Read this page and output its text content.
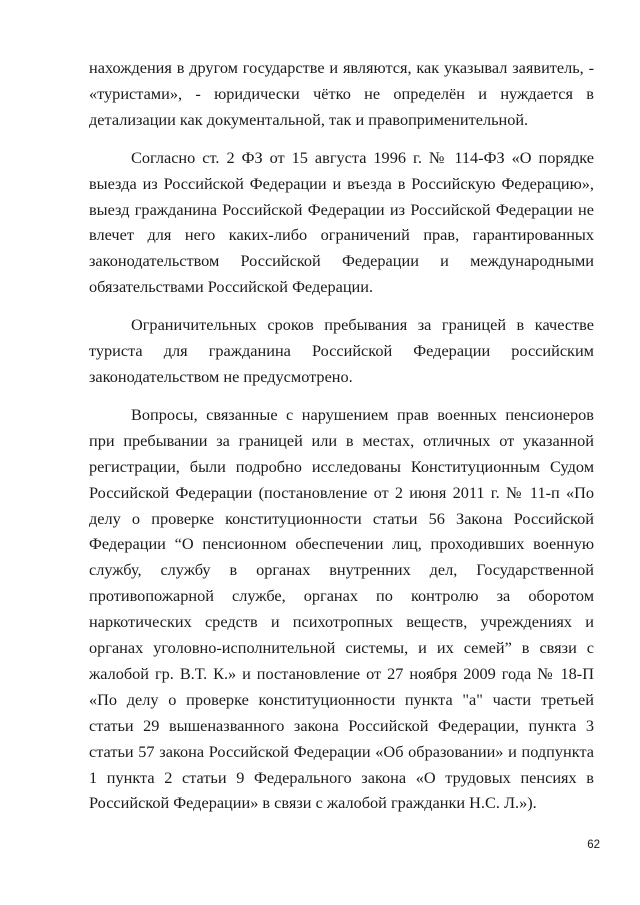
нахождения в другом государстве и являются, как указывал заявитель, - «туристами», - юридически чётко не определён и нуждается в детализации как документальной, так и правоприменительной.

Согласно ст. 2 ФЗ от 15 августа 1996 г. № 114-ФЗ «О порядке выезда из Российской Федерации и въезда в Российскую Федерацию», выезд гражданина Российской Федерации из Российской Федерации не влечет для него каких-либо ограничений прав, гарантированных законодательством Российской Федерации и международными обязательствами Российской Федерации.

Ограничительных сроков пребывания за границей в качестве туриста для гражданина Российской Федерации российским законодательством не предусмотрено.

Вопросы, связанные с нарушением прав военных пенсионеров при пребывании за границей или в местах, отличных от указанной регистрации, были подробно исследованы Конституционным Судом Российской Федерации (постановление от 2 июня 2011 г. № 11-п «По делу о проверке конституционности статьи 56 Закона Российской Федерации “О пенсионном обеспечении лиц, проходивших военную службу, службу в органах внутренних дел, Государственной противопожарной службе, органах по контролю за оборотом наркотических средств и психотропных веществ, учреждениях и органах уголовно-исполнительной системы, и их семей” в связи с жалобой гр. В.Т. К.» и постановление от 27 ноября 2009 года № 18-П «По делу о проверке конституционности пункта "а" части третьей статьи 29 вышеназванного закона Российской Федерации, пункта 3 статьи 57 закона Российской Федерации «Об образовании» и подпункта 1 пункта 2 статьи 9 Федерального закона «О трудовых пенсиях в Российской Федерации» в связи с жалобой гражданки Н.С. Л.»).

62
